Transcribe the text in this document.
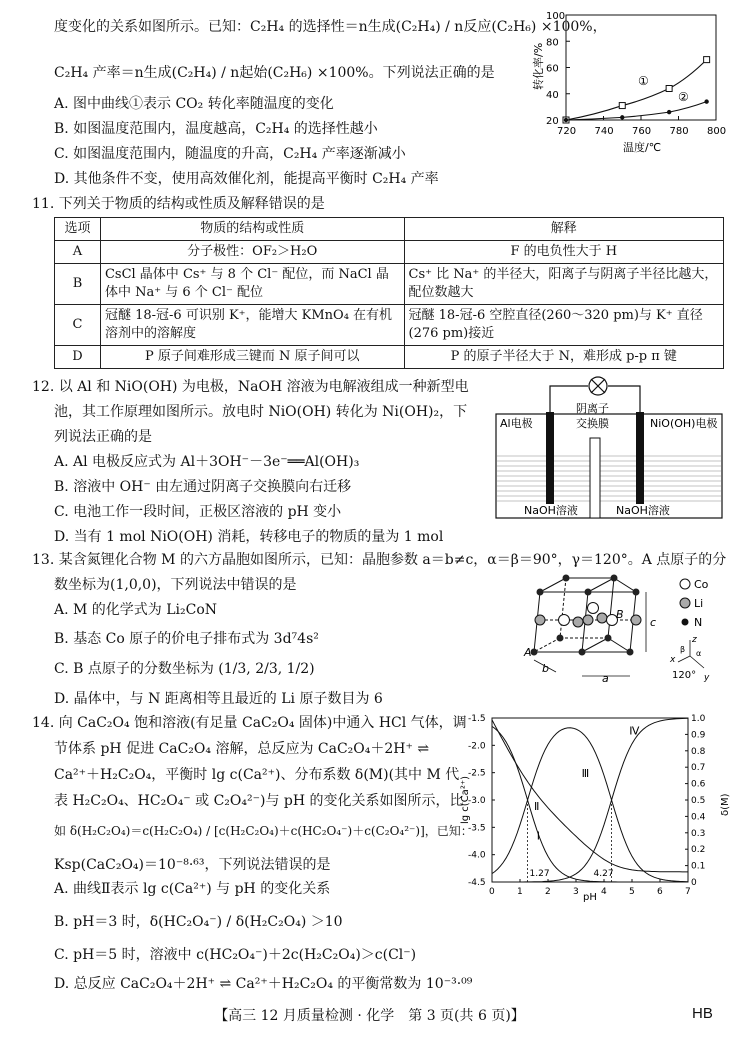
度变化的关系如图所示。已知：C₂H₄ 的选择性＝n生成(C₂H₄) / n反应(C₂H₆) ×100%，
C₂H₄ 产率＝n生成(C₂H₄) / n起始(C₂H₆) ×100%。下列说法正确的是
A. 图中曲线①表示 CO₂ 转化率随温度的变化
B. 如图温度范围内，温度越高，C₂H₄ 的选择性越小
C. 如图温度范围内，随温度的升高，C₂H₄ 产率逐渐减小
D. 其他条件不变，使用高效催化剂，能提高平衡时 C₂H₄ 产率
720 740 760 780 800
20
40
60
80
100
①
②
温度/℃
转化率/%
11. 下列关于物质的结构或性质及解释错误的是
选项	物质的结构或性质	解释
A	分子极性：OF₂＞H₂O	F 的电负性大于 H
B	CsCl 晶体中 Cs⁺ 与 8 个 Cl⁻ 配位，而 NaCl 晶体中 Na⁺ 与 6 个 Cl⁻ 配位	Cs⁺ 比 Na⁺ 的半径大，阳离子与阴离子半径比越大，配位数越大
C	冠醚 18-冠-6 可识别 K⁺，能增大 KMnO₄ 在有机溶剂中的溶解度	冠醚 18-冠-6 空腔直径(260～320 pm)与 K⁺ 直径(276 pm)接近
D	P 原子间难形成三键而 N 原子间可以	P 的原子半径大于 N，难形成 p-p π 键
12. 以 Al 和 NiO(OH) 为电极，NaOH 溶液为电解液组成一种新型电
池，其工作原理如图所示。放电时 NiO(OH) 转化为 Ni(OH)₂，下
列说法正确的是
A. Al 电极反应式为 Al＋3OH⁻－3e⁻══Al(OH)₃
B. 溶液中 OH⁻ 由左通过阴离子交换膜向右迁移
C. 电池工作一段时间，正极区溶液的 pH 变小
D. 当有 1 mol NiO(OH) 消耗，转移电子的物质的量为 1 mol
Al电极
阴离子
交换膜	NiO(OH)电极
NaOH溶液	NaOH溶液
13. 某含氮锂化合物 M 的六方晶胞如图所示，已知：晶胞参数 a＝b≠c，α＝β＝90°，γ＝120°。A 点原子的分
数坐标为(1,0,0)，下列说法中错误的是
A. M 的化学式为 Li₂CoN
B. 基态 Co 原子的价电子排布式为 3d⁷4s²
C. B 点原子的分数坐标为 (1/3, 2/3, 1/2)
D. 晶体中，与 N 距离相等且最近的 Li 原子数目为 6
A
B
a
b
c
Co
Li
N
z
x
y
β α
120°
14. 向 CaC₂O₄ 饱和溶液(有足量 CaC₂O₄ 固体)中通入 HCl 气体，调
节体系 pH 促进 CaC₂O₄ 溶解，总反应为 CaC₂O₄＋2H⁺ ⇌
Ca²⁺＋H₂C₂O₄，平衡时 lg c(Ca²⁺)、分布系数 δ(M)(其中 M 代
表 H₂C₂O₄、HC₂O₄⁻ 或 C₂O₄²⁻)与 pH 的变化关系如图所示，比
如 δ(H₂C₂O₄)＝c(H₂C₂O₄) / [c(H₂C₂O₄)＋c(HC₂O₄⁻)＋c(C₂O₄²⁻)]，已知：
Ksp(CaC₂O₄)＝10⁻⁸·⁶³，下列说法错误的是
A. 曲线Ⅱ表示 lg c(Ca²⁺) 与 pH 的变化关系
B. pH＝3 时，δ(HC₂O₄⁻) / δ(H₂C₂O₄) ＞10
C. pH＝5 时，溶液中 c(HC₂O₄⁻)＋2c(H₂C₂O₄)＞c(Cl⁻)
D. 总反应 CaC₂O₄＋2H⁺ ⇌ Ca²⁺＋H₂C₂O₄ 的平衡常数为 10⁻³·⁰⁹
0 1 2 3 4 5 6 7
-4.5
-4.0
-3.5
-3.0
-2.5
-2.0
-1.5
0
0.1
0.2
0.3
0.4
0.5
0.6
0.7
0.8
0.9
1.0
Ⅰ
Ⅱ
Ⅲ
Ⅳ
1.27	4.27
pH
lg c(Ca²⁺)	δ(M)
【高三 12 月质量检测 · 化学　第 3 页(共 6 页)】	HB
